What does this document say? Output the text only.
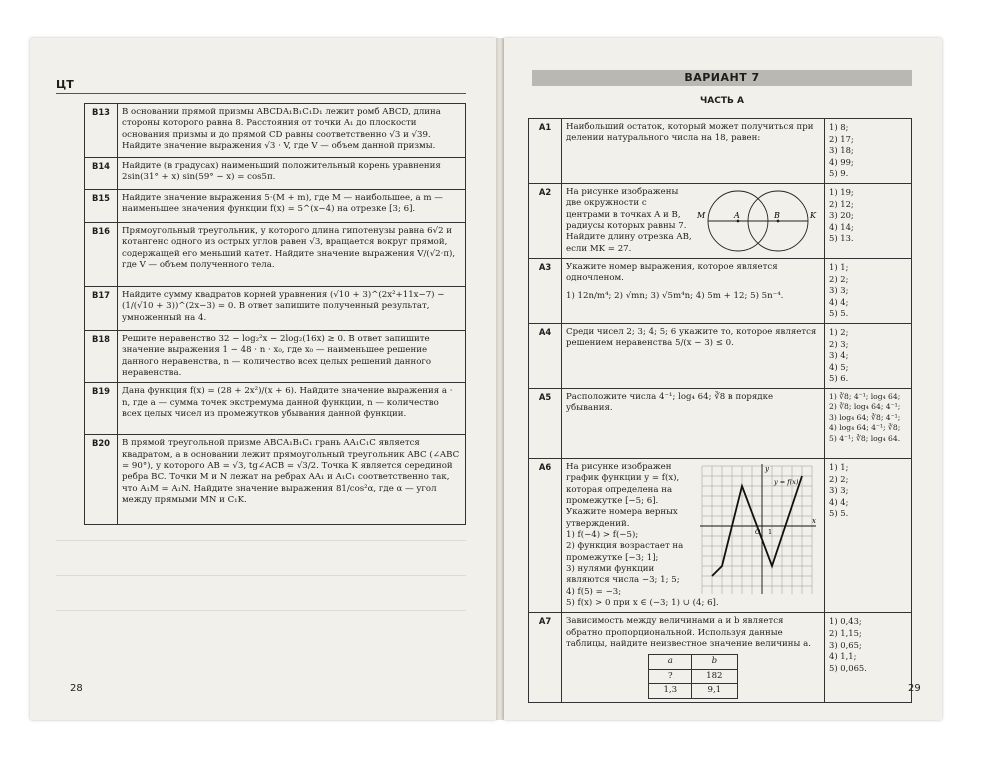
ЦТ
B13	В основании прямой призмы ABCDA₁B₁C₁D₁ лежит ромб ABCD, длина стороны которого равна 8. Расстояния от точки A₁ до плоскости основания призмы и до прямой CD равны соответственно √3 и √39. Найдите значение выражения √3 · V, где V — объем данной призмы.
B14	Найдите (в градусах) наименьший положительный корень уравнения 2sin(31° + x) sin(59° − x) = cos5π.
B15	Найдите значение выражения 5·(M + m), где M — наибольшее, а m — наименьшее значения функции f(x) = 5^(x−4) на отрезке [3; 6].
B16	Прямоугольный треугольник, у которого длина гипотенузы равна 6√2 и котангенс одного из острых углов равен √3, вращается вокруг прямой, содержащей его меньший катет. Найдите значение выражения V/(√2·π), где V — объем полученного тела.
B17	Найдите сумму квадратов корней уравнения (√10 + 3)^(2x²+11x−7) − (1/(√10 + 3))^(2x−3) = 0. В ответ запишите полученный результат, умноженный на 4.
B18	Решите неравенство 32 − log₂²x − 2log₂(16x) ≥ 0. В ответ запишите значение выражения 1 − 48 · n · x₀, где x₀ — наименьшее решение данного неравенства, n — количество всех целых решений данного неравенства.
B19	Дана функция f(x) = (28 + 2x²)/(x + 6). Найдите значение выражения a · n, где a — сумма точек экстремума данной функции, n — количество всех целых чисел из промежутков убывания данной функции.
B20	В прямой треугольной призме ABCA₁B₁C₁ грань AA₁C₁C является квадратом, а в основании лежит прямоугольный треугольник ABC (∠ABC = 90°), у которого AB = √3, tg∠ACB = √3/2. Точка K является серединой ребра BC. Точки M и N лежат на ребрах AA₁ и A₁C₁ соответственно так, что A₁M = A₁N. Найдите значение выражения 81/cos²α, где α — угол между прямыми MN и C₁K.
28
ВАРИАНТ 7
ЧАСТЬ А
A1	Наибольший остаток, который может получиться при делении натурального числа на 18, равен:	1) 8;
2) 17;
3) 18;
4) 99;
5) 9.
A2	
M	A	B	K
На рисунке изображены две окружности с центрами в точках A и B, радиусы которых равны 7. Найдите длину отрезка AB, если MK = 27.	1) 19;
2) 12;
3) 20;
4) 14;
5) 13.
A3	Укажите номер выражения, которое является одночленом.
1) 12n/m⁴; 2) √mn; 3) √5m⁴n; 4) 5m + 12; 5) 5n⁻⁴.
	1) 1;
2) 2;
3) 3;
4) 4;
5) 5.
A4	Среди чисел 2; 3; 4; 5; 6 укажите то, которое является решением неравенства 5/(x − 3) ≤ 0.	1) 2;
2) 3;
3) 4;
4) 5;
5) 6.
A5	Расположите числа 4⁻¹; log₄ 64; ∛8 в порядке убывания.	1) ∛8; 4⁻¹; log₄ 64;
2) ∛8; log₄ 64; 4⁻¹;
3) log₄ 64; ∛8; 4⁻¹;
4) log₄ 64; 4⁻¹; ∛8;
5) 4⁻¹; ∛8; log₄ 64.
A6	
x
y
y = f(x)
O 1
На рисунке изображен график функции y = f(x), которая определена на промежутке [−5; 6]. Укажите номера верных утверждений.
1) f(−4) > f(−5);
2) функция возрастает на промежутке [−3; 1];
3) нулями функции являются числа −3; 1; 5;
4) f(5) = −3;
5) f(x) > 0 при x ∈ (−3; 1) ∪ (4; 6].	1) 1;
2) 2;
3) 3;
4) 4;
5) 5.
A7	Зависимость между величинами a и b является обратно пропорциональной. Используя данные таблицы, найдите неизвестное значение величины a.
a	b
?	182
1,3	9,1
	1) 0,43;
2) 1,15;
3) 0,65;
4) 1,1;
5) 0,065.
29
